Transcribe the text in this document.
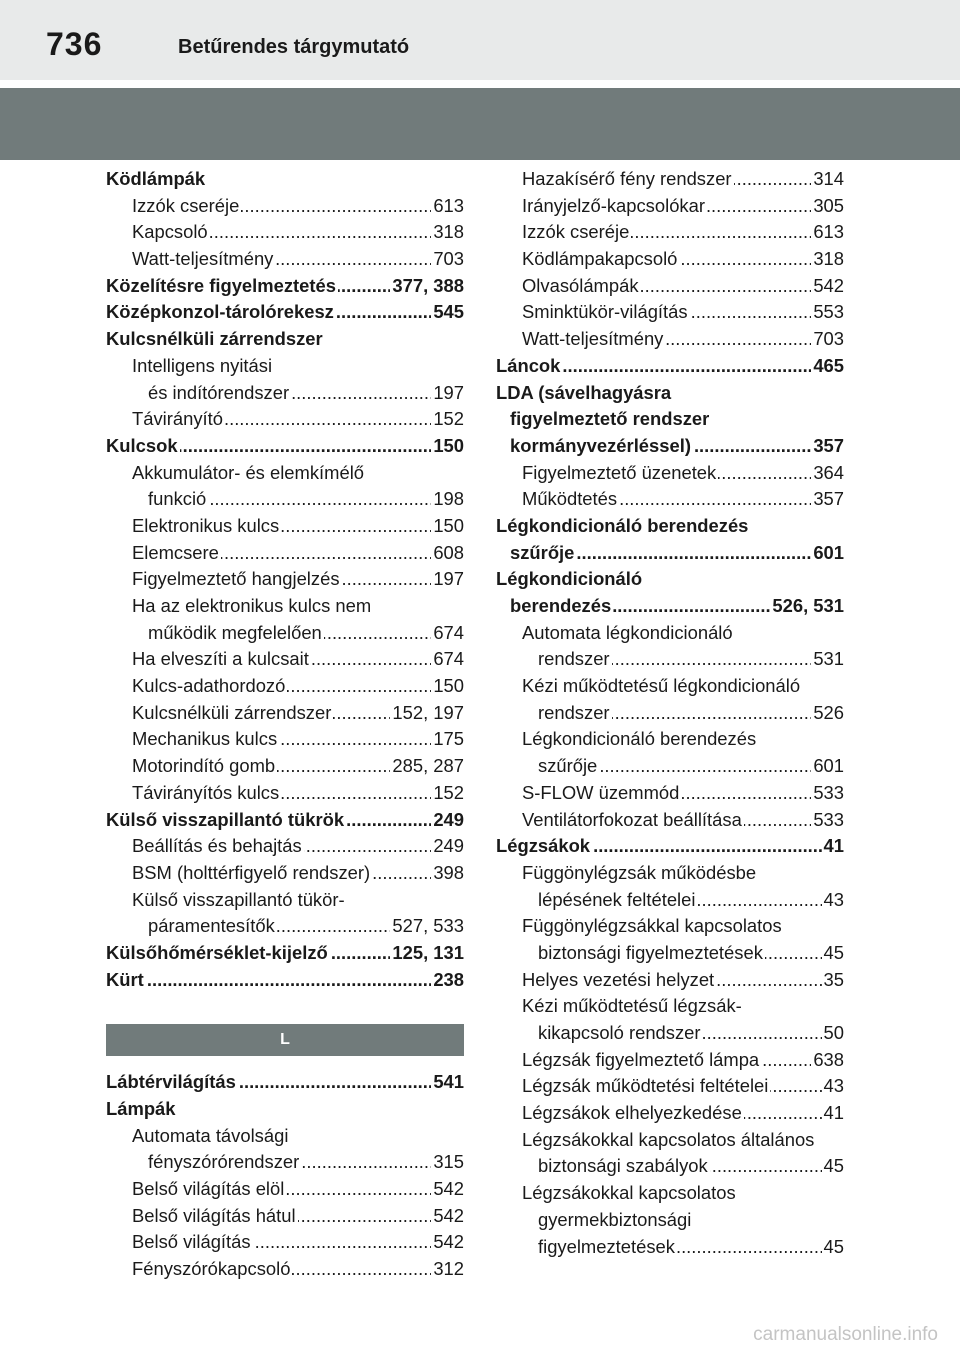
736	Betűrendes tárgymutató
Ködlámpák
Izzók cseréje .....	613
Kapcsoló .....	318
Watt-teljesítmény .....	703
Közelítésre figyelmeztetés .....	377, 388
Középkonzol-tárolórekesz .....	545
Kulcsnélküli zárrendszer
Intelligens nyitási
és indítórendszer .....	197
Távirányító .....	152
Kulcsok .....	150
Akkumulátor- és elemkímélő
funkció .....	198
Elektronikus kulcs .....	150
Elemcsere .....	608
Figyelmeztető hangjelzés .....	197
Ha az elektronikus kulcs nem
működik megfelelően .....	674
Ha elveszíti a kulcsait .....	674
Kulcs-adathordozó .....	150
Kulcsnélküli zárrendszer .....	152, 197
Mechanikus kulcs .....	175
Motorindító gomb .....	285, 287
Távirányítós kulcs .....	152
Külső visszapillantó tükrök .....	249
Beállítás és behajtás .....	249
BSM (holttérfigyelő rendszer) .....	398
Külső visszapillantó tükör-
páramentesítők .....	527, 533
Külsőhőmérséklet-kijelző .....	125, 131
Kürt .....	238
L
Lábtérvilágítás .....	541
Lámpák
Automata távolsági
fényszórórendszer .....	315
Belső világítás elöl .....	542
Belső világítás hátul .....	542
Belső világítás .....	542
Fényszórókapcsoló .....	312
Hazakísérő fény rendszer .....	314
Irányjelző-kapcsolókar .....	305
Izzók cseréje .....	613
Ködlámpakapcsoló .....	318
Olvasólámpák .....	542
Sminktükör-világítás .....	553
Watt-teljesítmény .....	703
Láncok .....	465
LDA (sávelhagyásra
figyelmeztető rendszer
kormányvezérléssel) .....	357
Figyelmeztető üzenetek .....	364
Működtetés .....	357
Légkondicionáló berendezés
szűrője .....	601
Légkondicionáló
berendezés .....	526, 531
Automata légkondicionáló
rendszer .....	531
Kézi működtetésű légkondicionáló
rendszer .....	526
Légkondicionáló berendezés
szűrője .....	601
S-FLOW üzemmód .....	533
Ventilátorfokozat beállítása .....	533
Légzsákok .....	41
Függönylégzsák működésbe
lépésének feltételei .....	43
Függönylégzsákkal kapcsolatos
biztonsági figyelmeztetések .....	45
Helyes vezetési helyzet .....	35
Kézi működtetésű légzsák-
kikapcsoló rendszer .....	50
Légzsák figyelmeztető lámpa .....	638
Légzsák működtetési feltételei .....	43
Légzsákok elhelyezkedése .....	41
Légzsákokkal kapcsolatos általános
biztonsági szabályok .....	45
Légzsákokkal kapcsolatos
gyermekbiztonsági
figyelmeztetések .....	45
carmanualsonline.info
